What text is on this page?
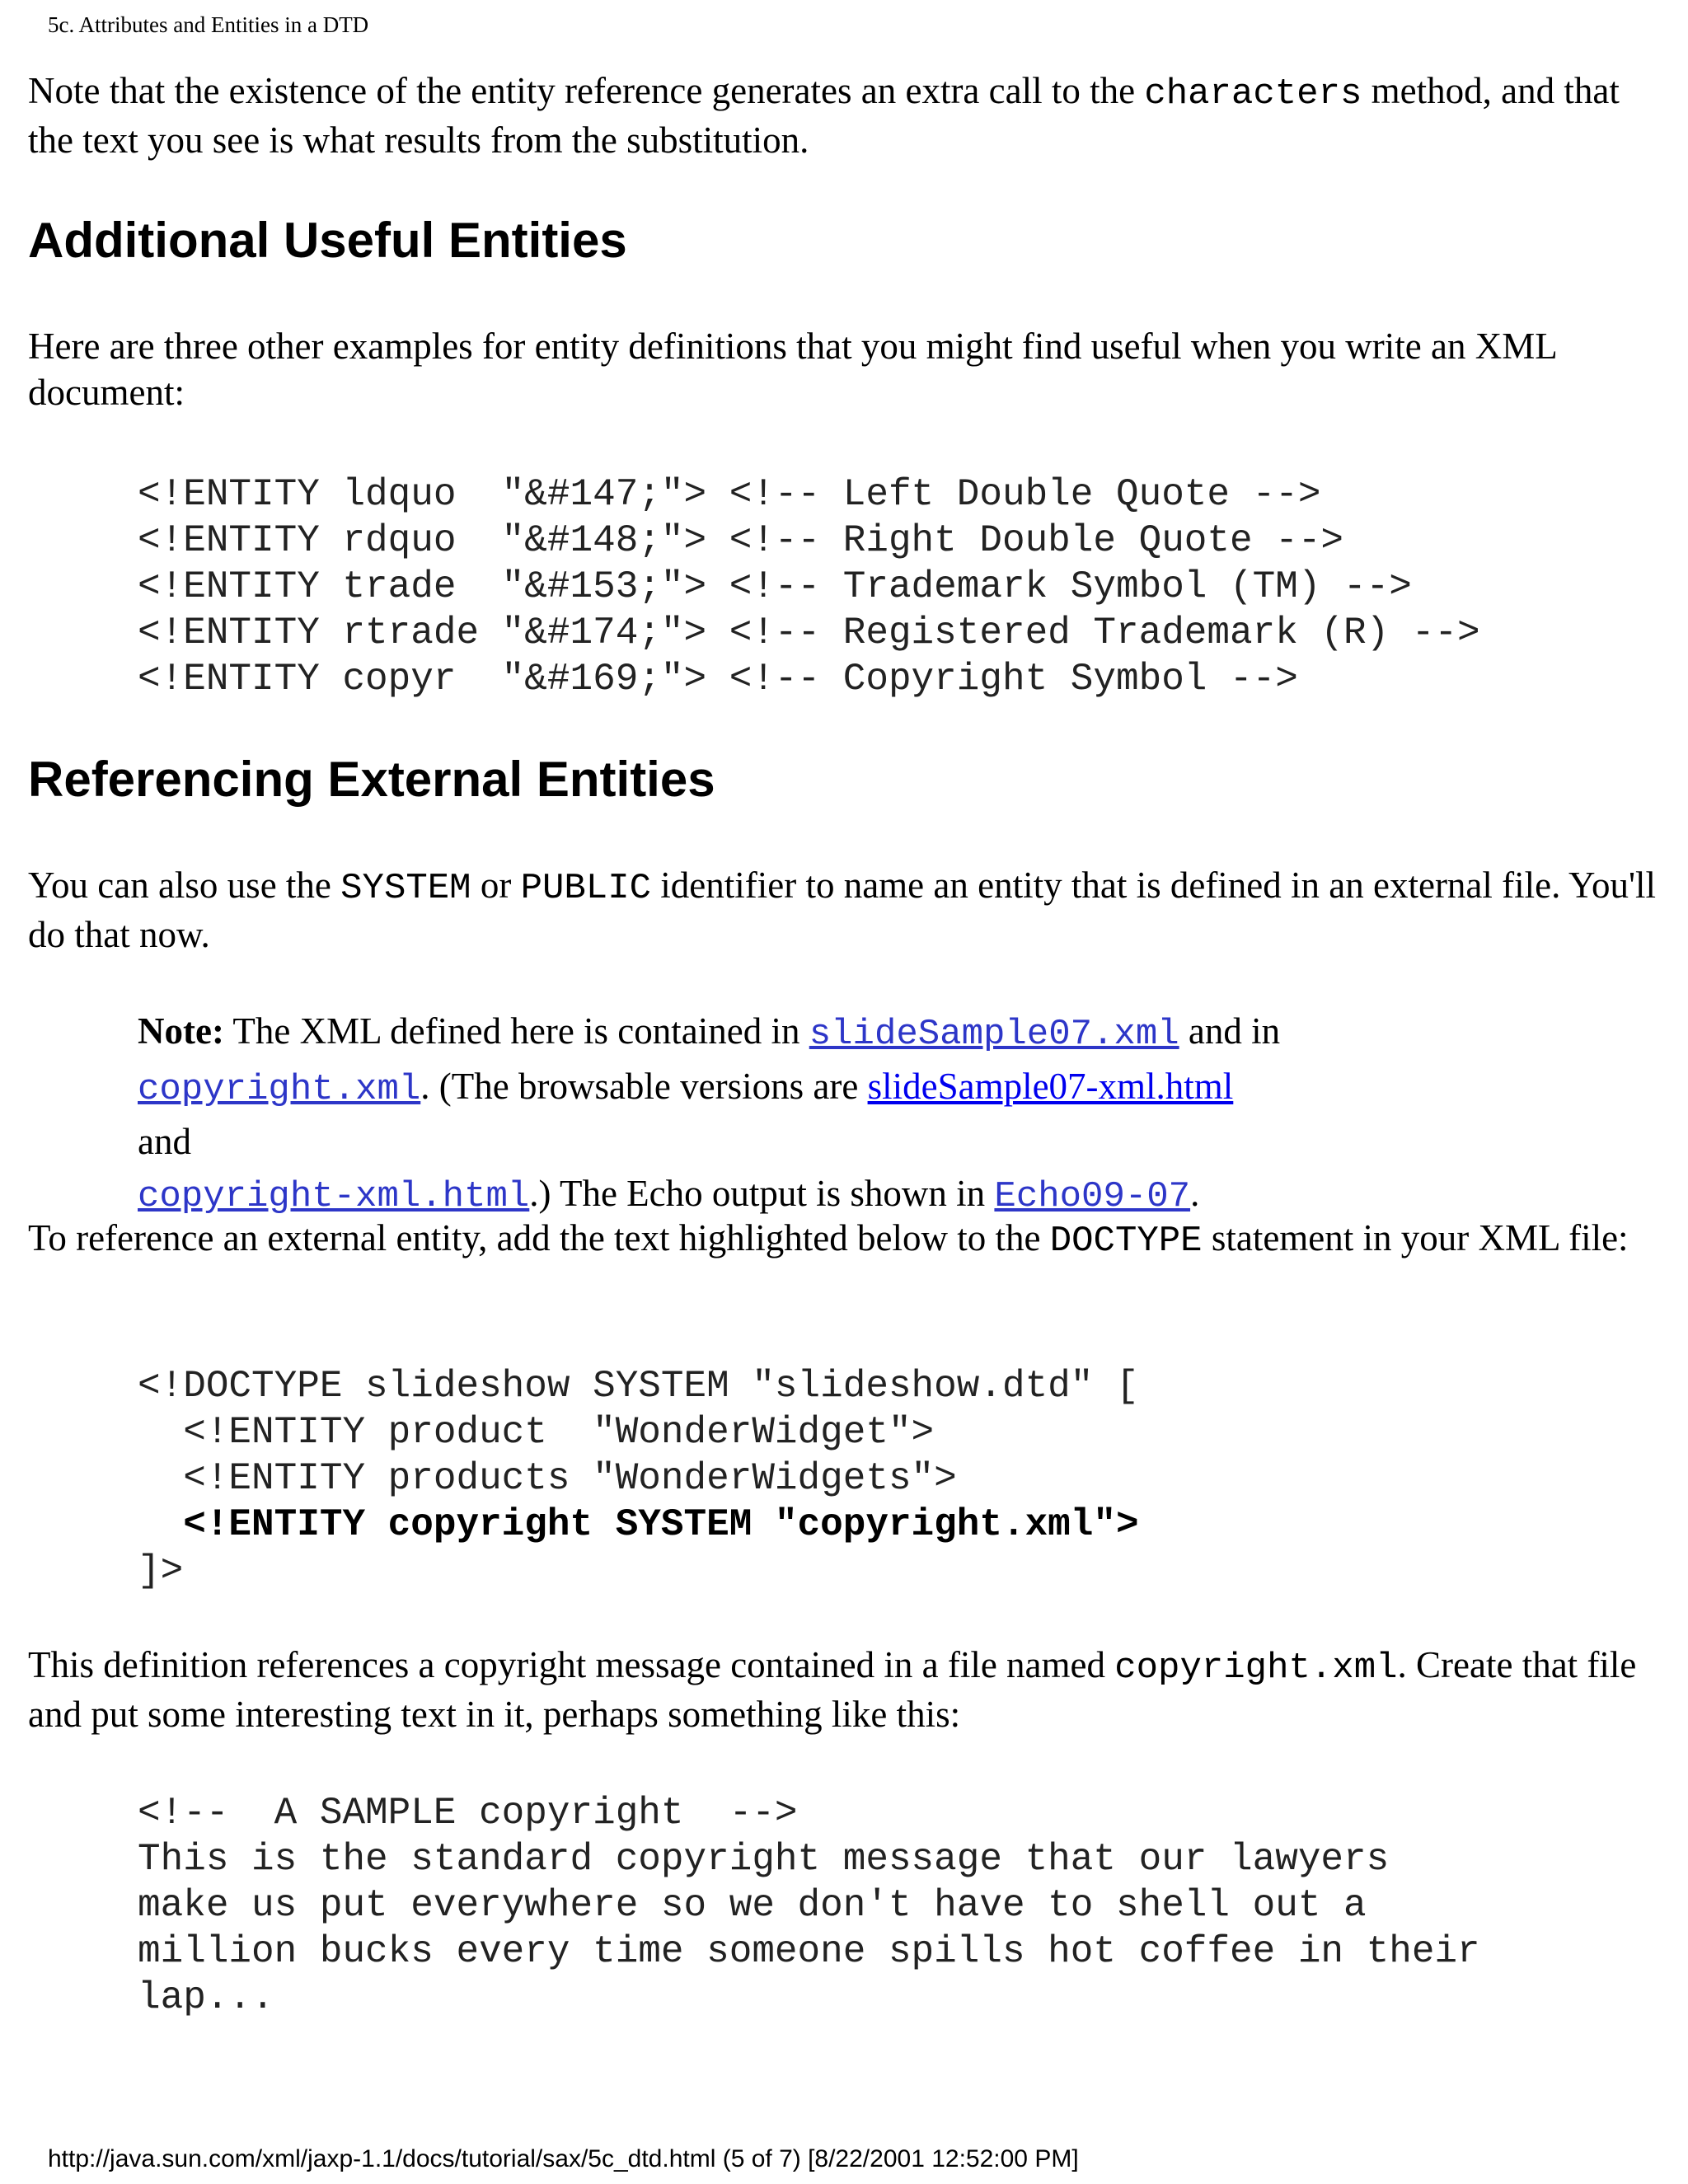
5c. Attributes and Entities in a DTD

Note that the existence of the entity reference generates an extra call to the characters method, and that the text you see is what results from the substitution.

Additional Useful Entities

Here are three other examples for entity definitions that you might find useful when you write an XML document:

<!ENTITY ldquo  "&#147;"> <!-- Left Double Quote -->
<!ENTITY rdquo  "&#148;"> <!-- Right Double Quote -->
<!ENTITY trade  "&#153;"> <!-- Trademark Symbol (TM) -->
<!ENTITY rtrade "&#174;"> <!-- Registered Trademark (R) -->
<!ENTITY copyr  "&#169;"> <!-- Copyright Symbol -->
Referencing External Entities

You can also use the SYSTEM or PUBLIC identifier to name an entity that is defined in an external file. You'll do that now.

Note: The XML defined here is contained in slideSample07.xml and in
copyright.xml. (The browsable versions are slideSample07-xml.html and
copyright-xml.html.) The Echo output is shown in Echo09-07.

To reference an external entity, add the text highlighted below to the DOCTYPE statement in your XML file:

<!DOCTYPE slideshow SYSTEM "slideshow.dtd" [
<!ENTITY product  "WonderWidget">
<!ENTITY products "WonderWidgets">
<!ENTITY copyright SYSTEM "copyright.xml">
]>

This definition references a copyright message contained in a file named copyright.xml. Create that file and put some interesting text in it, perhaps something like this:

<!--  A SAMPLE copyright  -->
This is the standard copyright message that our lawyers
make us put everywhere so we don't have to shell out a
million bucks every time someone spills hot coffee in their
lap...
http://java.sun.com/xml/jaxp-1.1/docs/tutorial/sax/5c_dtd.html (5 of 7) [8/22/2001 12:52:00 PM]
